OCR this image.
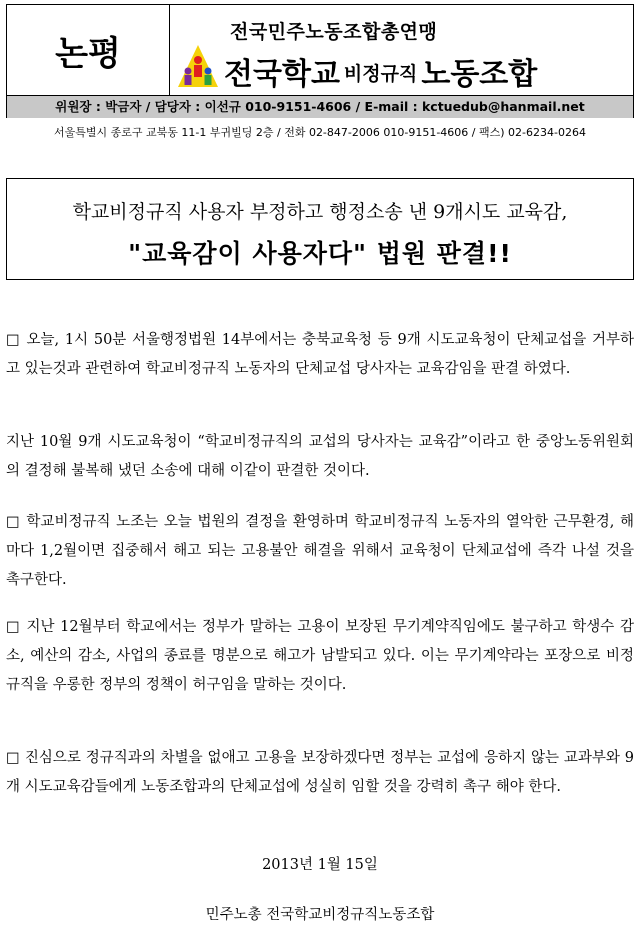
논평
전국민주노동조합총연맹
전국학교 비정규직 노동조합
위원장 : 박금자 / 담당자 : 이선규 010-9151-4606 / E-mail : kctuedub@hanmail.net
서울특별시 종로구 교북동 11-1 부귀빌딩 2층 / 전화 02-847-2006 010-9151-4606 / 팩스) 02-6234-0264
학교비정규직 사용자 부정하고 행정소송 낸 9개시도 교육감,
"교육감이 사용자다" 법원 판결!!

□ 오늘, 1시 50분 서울행정법원 14부에서는 충북교육청 등 9개 시도교육청이 단체교섭을 거부하고 있는것과 관련하여 학교비정규직 노동자의 단체교섭 당사자는 교육감임을 판결 하였다.

지난 10월 9개 시도교육청이 “학교비정규직의 교섭의 당사자는 교육감”이라고 한 중앙노동위원회의 결정해 불복해 냈던 소송에 대해 이같이 판결한 것이다.

□ 학교비정규직 노조는 오늘 법원의 결정을 환영하며 학교비정규직 노동자의 열악한 근무환경, 해마다 1,2월이면 집중해서 해고 되는 고용불안 해결을 위해서 교육청이 단체교섭에 즉각 나설 것을 촉구한다.

□ 지난 12월부터 학교에서는 정부가 말하는 고용이 보장된 무기계약직임에도 불구하고 학생수 감소, 예산의 감소, 사업의 종료를 명분으로 해고가 남발되고 있다. 이는 무기계약라는 포장으로 비정규직을 우롱한 정부의 정책이 허구임을 말하는 것이다.

□ 진심으로 정규직과의 차별을 없애고 고용을 보장하겠다면 정부는 교섭에 응하지 않는 교과부와 9개 시도교육감들에게 노동조합과의 단체교섭에 성실히 임할 것을 강력히 촉구 해야 한다.

2013년 1월 15일
민주노총 전국학교비정규직노동조합
